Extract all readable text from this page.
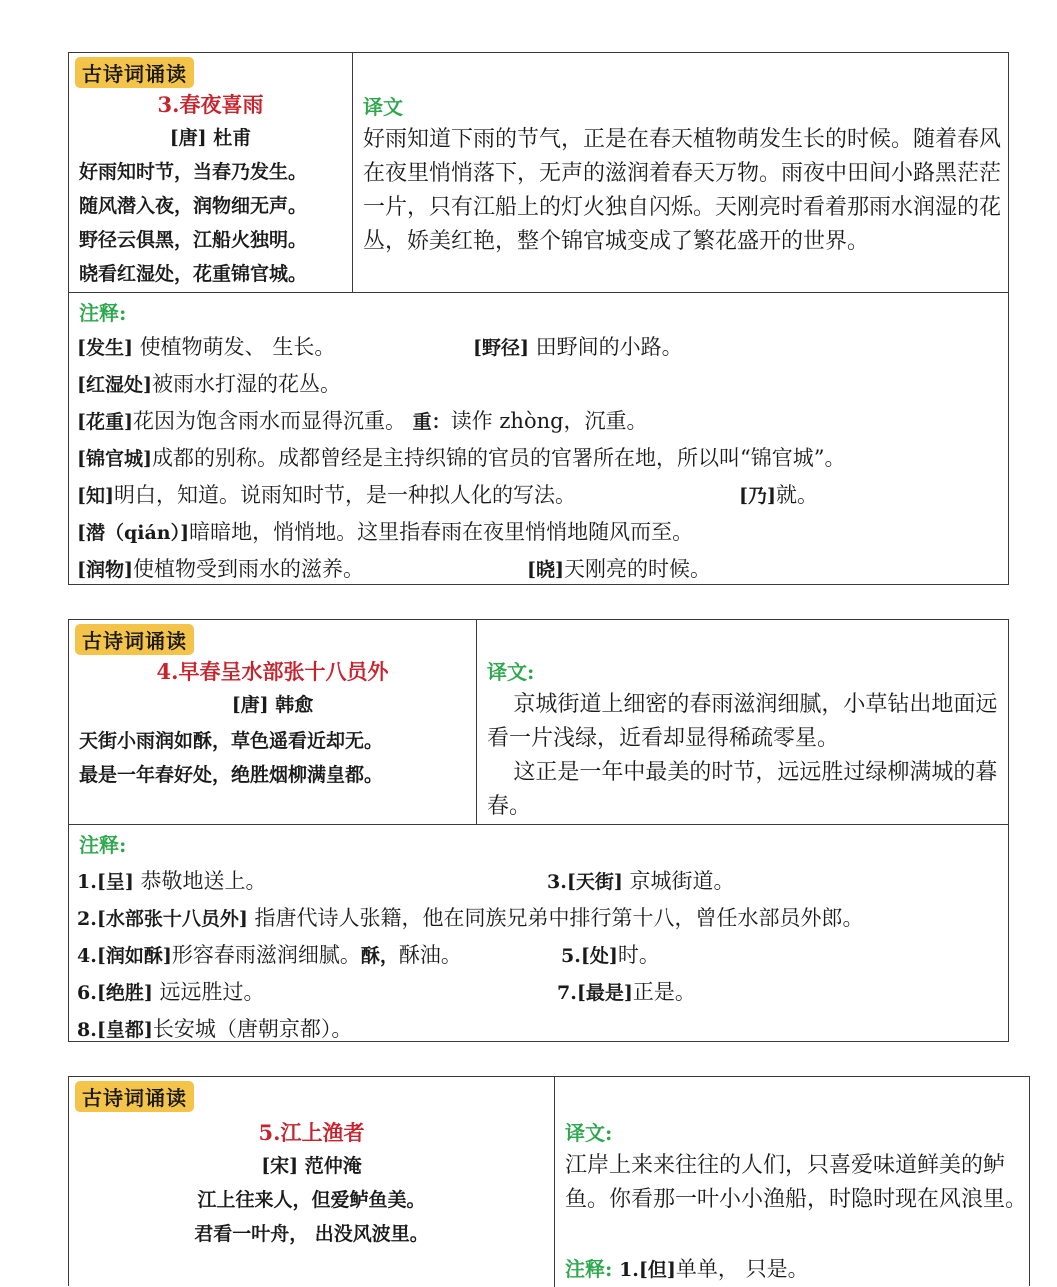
古诗词诵读
3.春夜喜雨
[唐] 杜甫
好雨知时节，当春乃发生。
随风潜入夜，润物细无声。
野径云俱黑，江船火独明。
晓看红湿处，花重锦官城。
译文
好雨知道下雨的节气，正是在春天植物萌发生长的时候。随着春风在夜里悄悄落下，无声的滋润着春天万物。雨夜中田间小路黑茫茫一片，只有江船上的灯火独自闪烁。天刚亮时看着那雨水润湿的花丛，娇美红艳，整个锦官城变成了繁花盛开的世界。
注释:
[发生] 使植物萌发、 生长。	[野径] 田野间的小路。
[红湿处]被雨水打湿的花丛。
[花重]花因为饱含雨水而显得沉重。 重：读作 zhòng，沉重。
[锦官城]成都的别称。成都曾经是主持织锦的官员的官署所在地，所以叫“锦官城”。
[知]明白，知道。说雨知时节，是一种拟人化的写法。	[乃]就。
[潜（qián）]暗暗地，悄悄地。这里指春雨在夜里悄悄地随风而至。
[润物]使植物受到雨水的滋养。	[晓]天刚亮的时候。
古诗词诵读
4.早春呈水部张十八员外
[唐] 韩愈
天街小雨润如酥，草色遥看近却无。
最是一年春好处，绝胜烟柳满皇都。
译文:
京城街道上细密的春雨滋润细腻，小草钻出地面远看一片浅绿，近看却显得稀疏零星。
这正是一年中最美的时节，远远胜过绿柳满城的暮春。
注释:
1.[呈] 恭敬地送上。	3.[天街] 京城街道。
2.[水部张十八员外] 指唐代诗人张籍，他在同族兄弟中排行第十八，曾任水部员外郎。
4.[润如酥]形容春雨滋润细腻。酥，酥油。	5.[处]时。
6.[绝胜] 远远胜过。	7.[最是]正是。
8.[皇都]长安城（唐朝京都）。
古诗词诵读
5.江上渔者
[宋] 范仲淹
江上往来人，但爱鲈鱼美。
君看一叶舟， 出没风波里。
译文:
江岸上来来往往的人们，只喜爱味道鲜美的鲈鱼。你看那一叶小小渔船，时隐时现在风浪里。
注释: 1.[但]单单， 只是。
